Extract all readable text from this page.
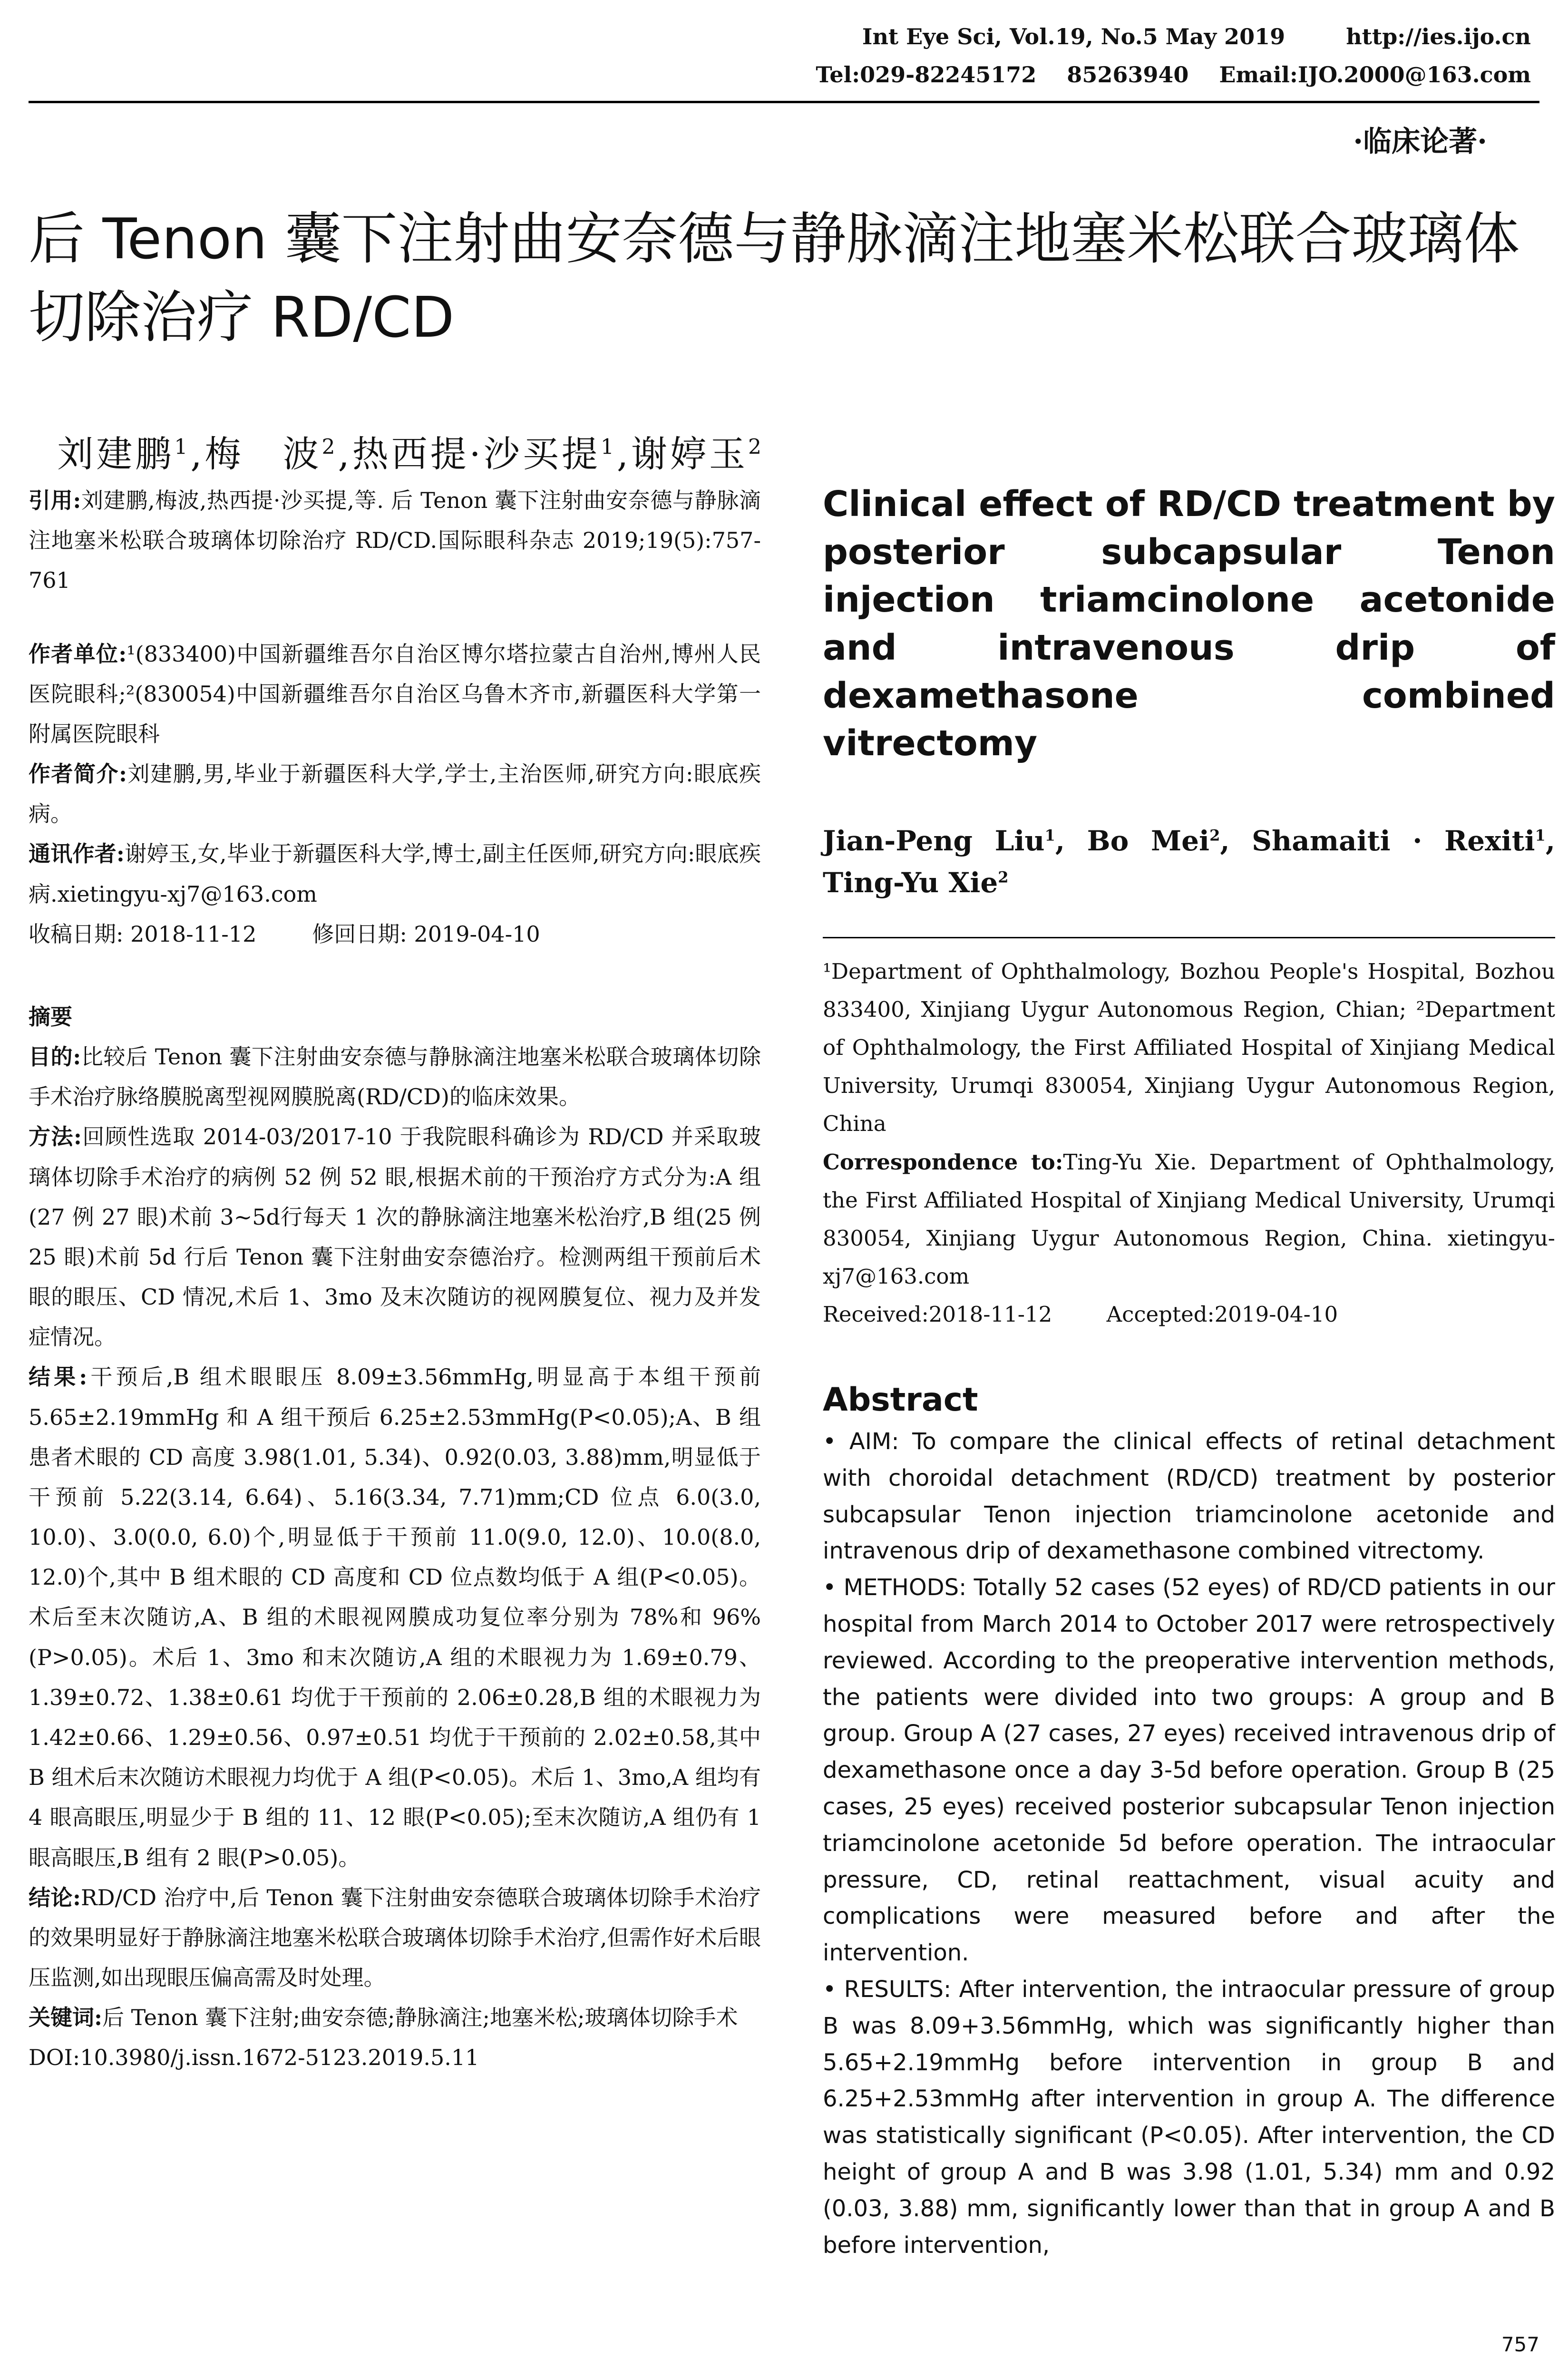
Int Eye Sci, Vol.19, No.5 May 2019        http://ies.ijo.cn
Tel:029-82245172    85263940    Email:IJO.2000@163.com
·临床论著·
后 Tenon 囊下注射曲安奈德与静脉滴注地塞米松联合玻璃体切除治疗 RD/CD

刘建鹏$^1$,梅　波$^2$,热西提·沙买提$^1$,谢婷玉$^2$

引用:刘建鹏,梅波,热西提·沙买提,等. 后 Tenon 囊下注射曲安奈德与静脉滴注地塞米松联合玻璃体切除治疗 RD/CD.国际眼科杂志 2019;19(5):757-761

作者单位:¹(833400)中国新疆维吾尔自治区博尔塔拉蒙古自治州,博州人民医院眼科;²(830054)中国新疆维吾尔自治区乌鲁木齐市,新疆医科大学第一附属医院眼科

作者简介:刘建鹏,男,毕业于新疆医科大学,学士,主治医师,研究方向:眼底疾病。

通讯作者:谢婷玉,女,毕业于新疆医科大学,博士,副主任医师,研究方向:眼底疾病.xietingyu-xj7@163.com

收稿日期: 2018-11-12        修回日期: 2019-04-10

摘要

目的:比较后 Tenon 囊下注射曲安奈德与静脉滴注地塞米松联合玻璃体切除手术治疗脉络膜脱离型视网膜脱离(RD/CD)的临床效果。

方法:回顾性选取 2014-03/2017-10 于我院眼科确诊为 RD/CD 并采取玻璃体切除手术治疗的病例 52 例 52 眼,根据术前的干预治疗方式分为:A 组(27 例 27 眼)术前 3~5d行每天 1 次的静脉滴注地塞米松治疗,B 组(25 例 25 眼)术前 5d 行后 Tenon 囊下注射曲安奈德治疗。检测两组干预前后术眼的眼压、CD 情况,术后 1、3mo 及末次随访的视网膜复位、视力及并发症情况。

结果:干预后,B 组术眼眼压 8.09±3.56mmHg,明显高于本组干预前 5.65±2.19mmHg 和 A 组干预后 6.25±2.53mmHg(P<0.05);A、B 组患者术眼的 CD 高度 3.98(1.01, 5.34)、0.92(0.03, 3.88)mm,明显低于干预前 5.22(3.14, 6.64)、5.16(3.34, 7.71)mm;CD 位点 6.0(3.0, 10.0)、3.0(0.0, 6.0)个,明显低于干预前 11.0(9.0, 12.0)、10.0(8.0, 12.0)个,其中 B 组术眼的 CD 高度和 CD 位点数均低于 A 组(P<0.05)。术后至末次随访,A、B 组的术眼视网膜成功复位率分别为 78%和 96%(P>0.05)。术后 1、3mo 和末次随访,A 组的术眼视力为 1.69±0.79、1.39±0.72、1.38±0.61 均优于干预前的 2.06±0.28,B 组的术眼视力为 1.42±0.66、1.29±0.56、0.97±0.51 均优于干预前的 2.02±0.58,其中 B 组术后末次随访术眼视力均优于 A 组(P<0.05)。术后 1、3mo,A 组均有 4 眼高眼压,明显少于 B 组的 11、12 眼(P<0.05);至末次随访,A 组仍有 1 眼高眼压,B 组有 2 眼(P>0.05)。

结论:RD/CD 治疗中,后 Tenon 囊下注射曲安奈德联合玻璃体切除手术治疗的效果明显好于静脉滴注地塞米松联合玻璃体切除手术治疗,但需作好术后眼压监测,如出现眼压偏高需及时处理。

关键词:后 Tenon 囊下注射;曲安奈德;静脉滴注;地塞米松;玻璃体切除手术

DOI:10.3980/j.issn.1672-5123.2019.5.11

Clinical effect of RD/CD treatment by posterior subcapsular Tenon injection triamcinolone acetonide and intravenous drip of dexamethasone combined vitrectomy
Jian-Peng Liu$^1$, Bo Mei$^2$, Shamaiti · Rexiti$^1$, Ting-Yu Xie$^2$

¹Department of Ophthalmology, Bozhou People's Hospital, Bozhou 833400, Xinjiang Uygur Autonomous Region, Chian; ²Department of Ophthalmology, the First Affiliated Hospital of Xinjiang Medical University, Urumqi 830054, Xinjiang Uygur Autonomous Region, China

Correspondence to:Ting-Yu Xie. Department of Ophthalmology, the First Affiliated Hospital of Xinjiang Medical University, Urumqi 830054, Xinjiang Uygur Autonomous Region, China. xietingyu-xj7@163.com

Received:2018-11-12        Accepted:2019-04-10

Abstract

• AIM: To compare the clinical effects of retinal detachment with choroidal detachment (RD/CD) treatment by posterior subcapsular Tenon injection triamcinolone acetonide and intravenous drip of dexamethasone combined vitrectomy.

• METHODS: Totally 52 cases (52 eyes) of RD/CD patients in our hospital from March 2014 to October 2017 were retrospectively reviewed. According to the preoperative intervention methods, the patients were divided into two groups: A group and B group. Group A (27 cases, 27 eyes) received intravenous drip of dexamethasone once a day 3-5d before operation. Group B (25 cases, 25 eyes) received posterior subcapsular Tenon injection triamcinolone acetonide 5d before operation. The intraocular pressure, CD, retinal reattachment, visual acuity and complications were measured before and after the intervention.

• RESULTS: After intervention, the intraocular pressure of group B was 8.09+3.56mmHg, which was significantly higher than 5.65+2.19mmHg before intervention in group B and 6.25+2.53mmHg after intervention in group A. The difference was statistically significant (P<0.05). After intervention, the CD height of group A and B was 3.98 (1.01, 5.34) mm and 0.92 (0.03, 3.88) mm, significantly lower than that in group A and B before intervention,

757
